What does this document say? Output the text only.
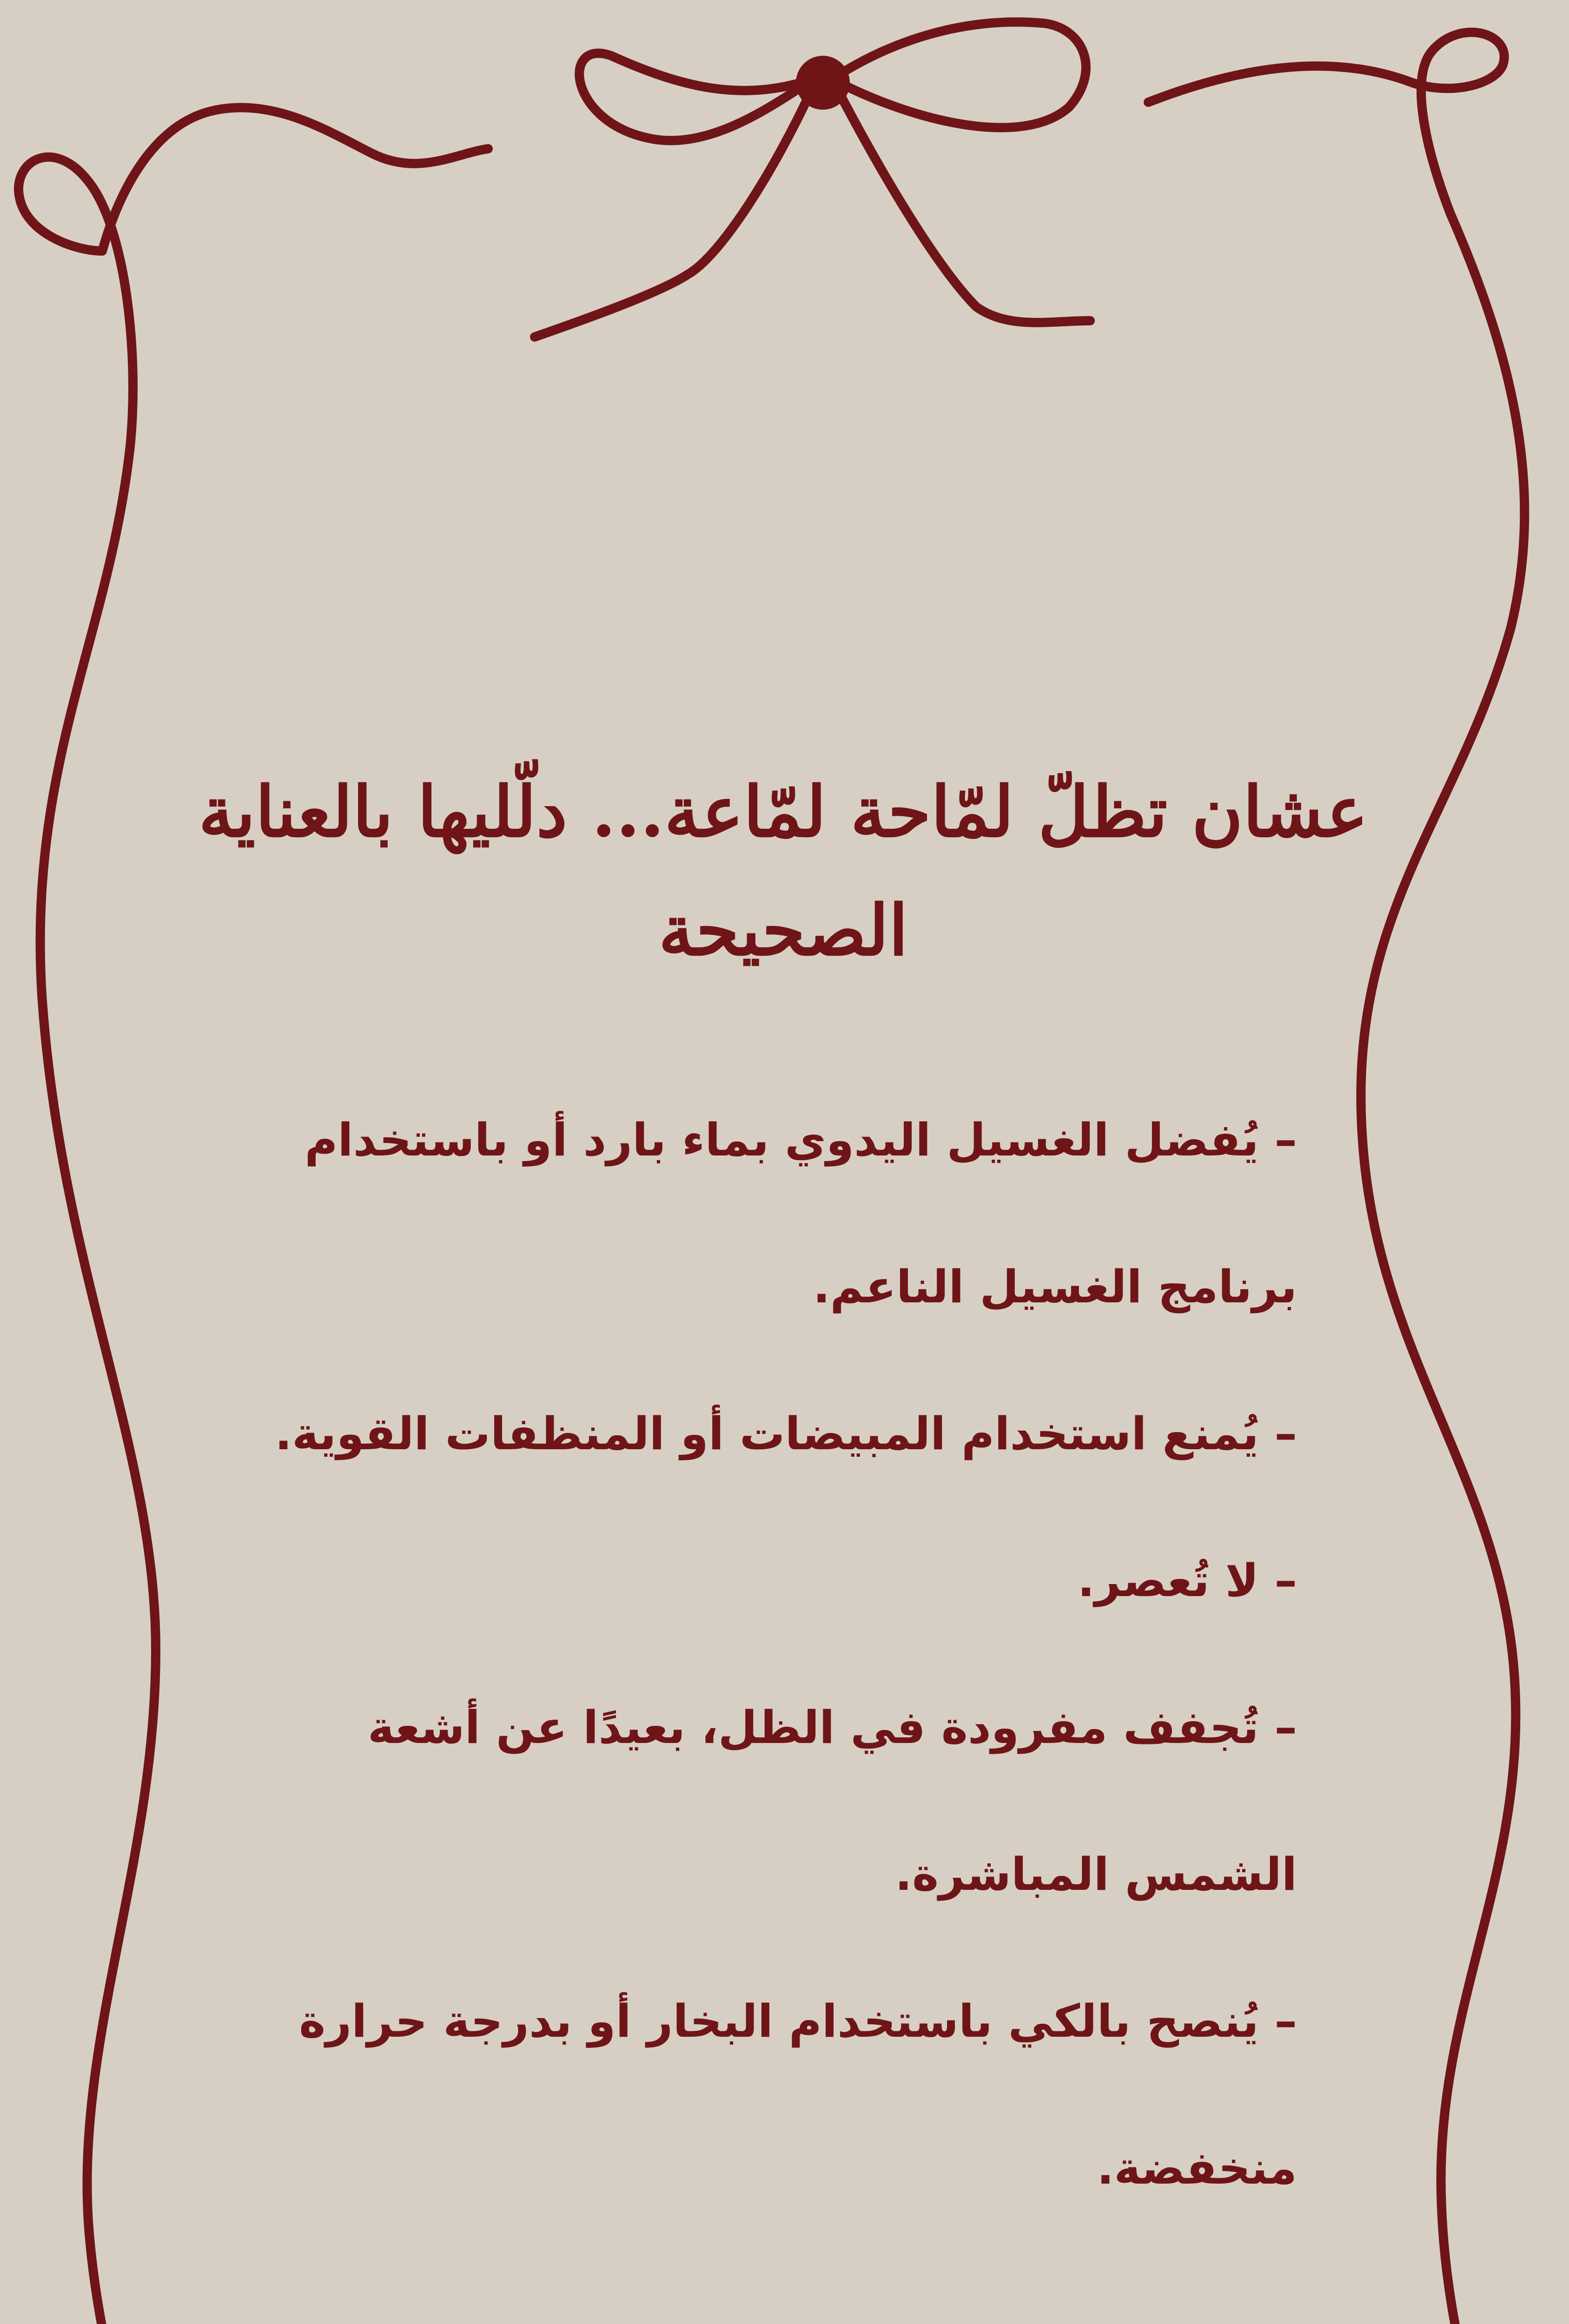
عشان تظلّ لمّاحة لمّاعة... دلّليها بالعناية الصحيحة
– يُفضل الغسيل اليدوي بماء بارد أو باستخدام برنامج الغسيل الناعم.
– يُمنع استخدام المبيضات أو المنظفات القوية.
– لا تُعصر.
– تُجفف مفرودة في الظل، بعيدًا عن أشعة الشمس المباشرة.
– يُنصح بالكي باستخدام البخار أو بدرجة حرارة منخفضة.
